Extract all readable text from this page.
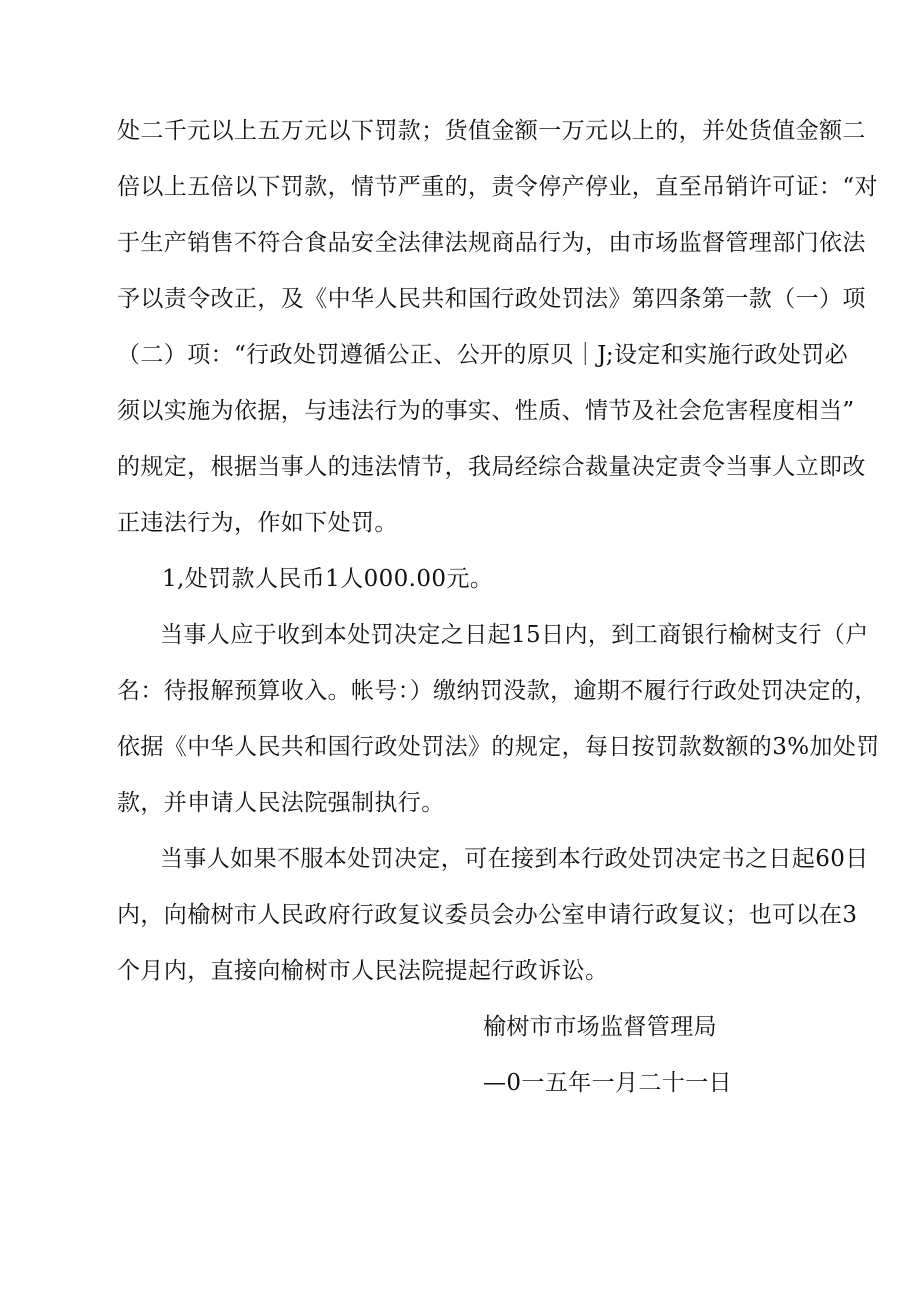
处二千元以上五万元以下罚款；货值金额一万元以上的，并处货值金额二
倍以上五倍以下罚款，情节严重的，责令停产停业，直至吊销许可证：“对
于生产销售不符合食品安全法律法规商品行为，由市场监督管理部门依法
予以责令改正，及《中华人民共和国行政处罚法》第四条第一款（一）项
（二）项：“行政处罚遵循公正、公开的原贝｜J;设定和实施行政处罚必
须以实施为依据，与违法行为的事实、性质、情节及社会危害程度相当”
的规定，根据当事人的违法情节，我局经综合裁量决定责令当事人立即改
正违法行为，作如下处罚。
1,处罚款人民币1人000.00元。
当事人应于收到本处罚决定之日起15日内，到工商银行榆树支行（户
名：待报解预算收入。帐号：）缴纳罚没款，逾期不履行行政处罚决定的，
依据《中华人民共和国行政处罚法》的规定，每日按罚款数额的3%加处罚
款，并申请人民法院强制执行。
当事人如果不服本处罚决定，可在接到本行政处罚决定书之日起60日
内，向榆树市人民政府行政复议委员会办公室申请行政复议；也可以在3
个月内，直接向榆树市人民法院提起行政诉讼。
榆树市市场监督管理局
—0一五年一月二十一日
